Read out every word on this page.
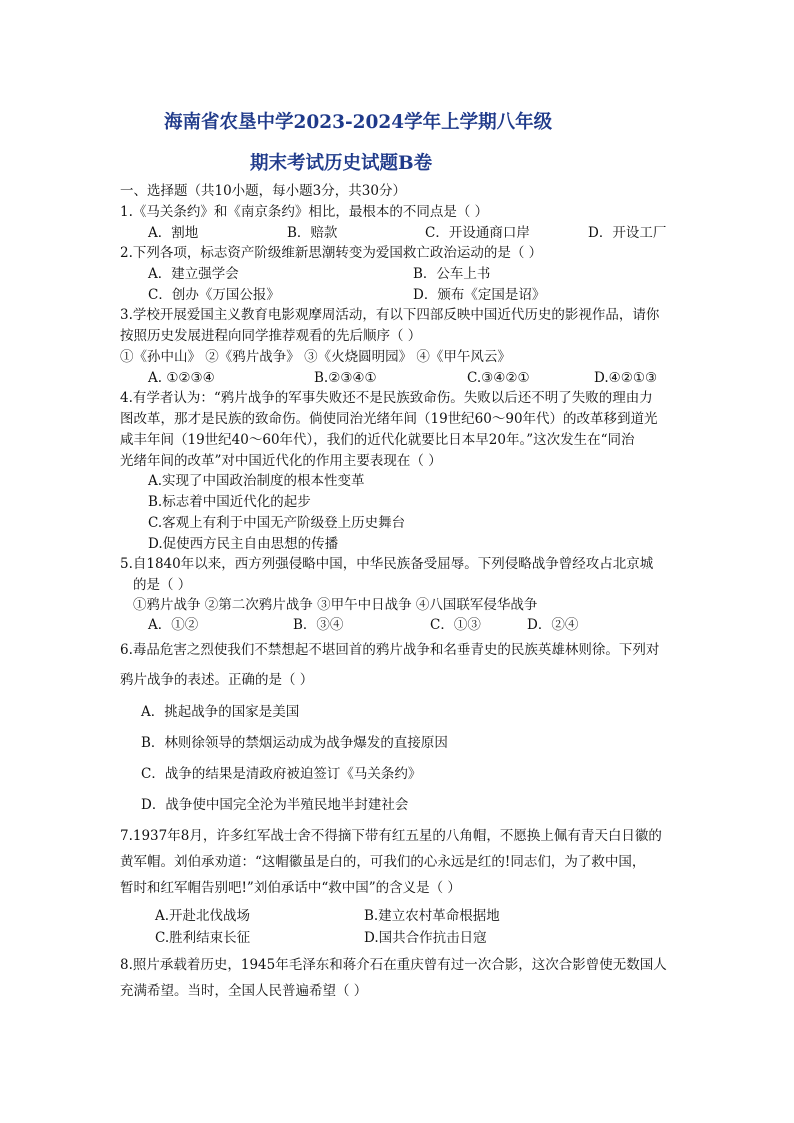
海南省农垦中学2023-2024学年上学期八年级
期末考试历史试题B卷
一、选择题（共10小题，每小题3分，共30分）
1.《马关条约》和《南京条约》相比，最根本的不同点是（ ）
A．割地	B．赔款	C．开设通商口岸	D．开设工厂
2.下列各项，标志资产阶级维新思潮转变为爱国救亡政治运动的是（ ）
A．建立强学会	B．公车上书
C．创办《万国公报》	D．颁布《定国是诏》
3.学校开展爱国主义教育电影观摩周活动，有以下四部反映中国近代历史的影视作品，请你
按照历史发展进程向同学推荐观看的先后顺序（ ）
①《孙中山》 ②《鸦片战争》 ③《火烧圆明园》 ④《甲午风云》
A. ①②③④	B.②③④①	C.③④②①	D.④②①③
4.有学者认为：“鸦片战争的军事失败还不是民族致命伤。失败以后还不明了失败的理由力
图改革，那才是民族的致命伤。倘使同治光绪年间（19世纪60～90年代）的改革移到道光
咸丰年间（19世纪40～60年代），我们的近代化就要比日本早20年。”这次发生在“同治
光绪年间的改革”对中国近代化的作用主要表现在（ ）
A.实现了中国政治制度的根本性变革
B.标志着中国近代化的起步
C.客观上有利于中国无产阶级登上历史舞台
D.促使西方民主自由思想的传播
5.自1840年以来，西方列强侵略中国，中华民族备受屈辱。下列侵略战争曾经攻占北京城
的是（ ）
①鸦片战争 ②第二次鸦片战争 ③甲午中日战争 ④八国联军侵华战争
A．①②	B．③④	C．①③	D．②④
6.毒品危害之烈使我们不禁想起不堪回首的鸦片战争和名垂青史的民族英雄林则徐。下列对
鸦片战争的表述。正确的是（ ）
A．挑起战争的国家是美国
B．林则徐领导的禁烟运动成为战争爆发的直接原因
C．战争的结果是清政府被迫签订《马关条约》
D．战争使中国完全沦为半殖民地半封建社会
7.1937年8月，许多红军战士舍不得摘下带有红五星的八角帽，不愿换上佩有青天白日徽的
黄军帽。刘伯承劝道：“这帽徽虽是白的，可我们的心永远是红的!同志们，为了救中国，
暂时和红军帽告别吧!”刘伯承话中“救中国”的含义是（ ）
A.开赴北伐战场	B.建立农村革命根据地
C.胜利结束长征	D.国共合作抗击日寇
8.照片承载着历史，1945年毛泽东和蒋介石在重庆曾有过一次合影，这次合影曾使无数国人
充满希望。当时，全国人民普遍希望（ ）
